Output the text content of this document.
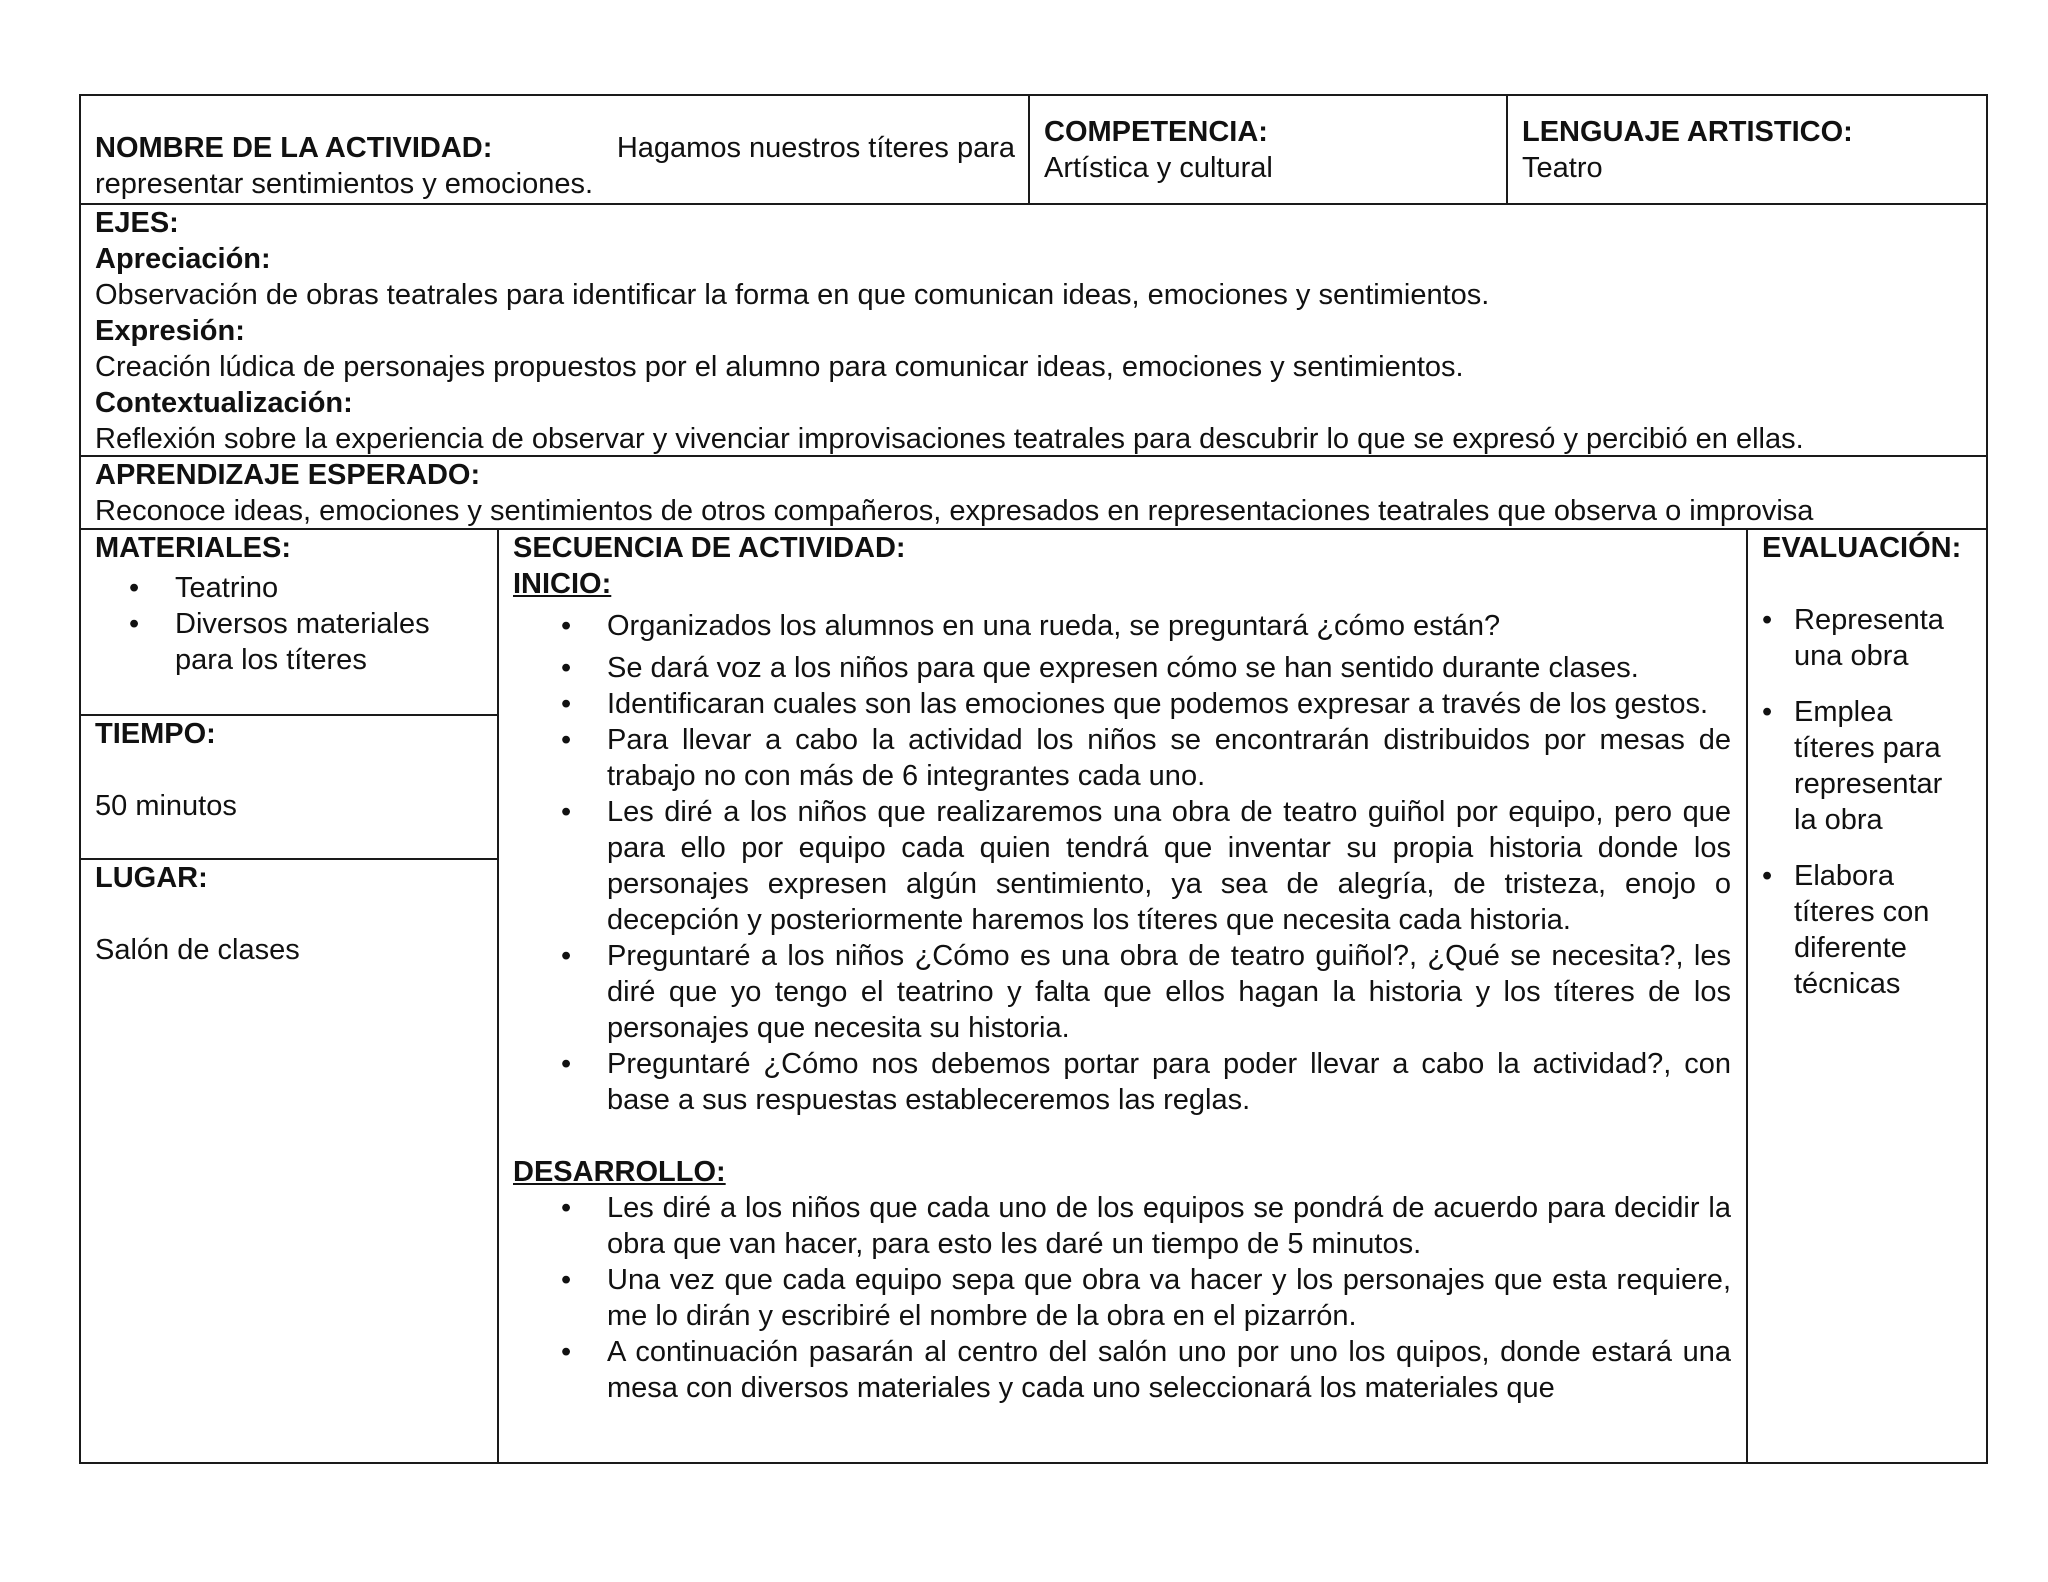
NOMBRE DE LA ACTIVIDAD:	Hagamos nuestros títeres para
representar sentimientos y emociones.
COMPETENCIA:
Artística y cultural
LENGUAJE ARTISTICO:
Teatro
EJES:
Apreciación:
Observación de obras teatrales para identificar la forma en que comunican ideas, emociones y sentimientos.
Expresión:
Creación lúdica de personajes propuestos por el alumno para comunicar ideas, emociones y sentimientos.
Contextualización:
Reflexión sobre la experiencia de observar y vivenciar improvisaciones teatrales para descubrir lo que se expresó y percibió en ellas.
APRENDIZAJE ESPERADO:
Reconoce ideas, emociones y sentimientos de otros compañeros, expresados en representaciones teatrales que observa o improvisa
MATERIALES:
• Teatrino
• Diversos materiales
para los títeres
TIEMPO:
50 minutos
LUGAR:
Salón de clases
SECUENCIA DE ACTIVIDAD:
INICIO:
• Organizados los alumnos en una rueda, se preguntará ¿cómo están?
• Se dará voz a los niños para que expresen cómo se han sentido durante clases.
• Identificaran cuales son las emociones que podemos expresar a través de los gestos.
• Para llevar a cabo la actividad los niños se encontrarán distribuidos por mesas de trabajo no con más de 6 integrantes cada uno.
• Les diré a los niños que realizaremos una obra de teatro guiñol por equipo, pero que para ello por equipo cada quien tendrá que inventar su propia historia donde los personajes expresen algún sentimiento, ya sea de alegría, de tristeza, enojo o decepción y posteriormente haremos los títeres que necesita cada historia.
• Preguntaré a los niños ¿Cómo es una obra de teatro guiñol?, ¿Qué se necesita?, les diré que yo tengo el teatrino y falta que ellos hagan la historia y los títeres de los personajes que necesita su historia.
• Preguntaré ¿Cómo nos debemos portar para poder llevar a cabo la actividad?, con base a sus respuestas estableceremos las reglas.
DESARROLLO:
• Les diré a los niños que cada uno de los equipos se pondrá de acuerdo para decidir la obra que van hacer, para esto les daré un tiempo de 5 minutos.
• Una vez que cada equipo sepa que obra va hacer y los personajes que esta requiere, me lo dirán y escribiré el nombre de la obra en el pizarrón.
• A continuación pasarán al centro del salón uno por uno los quipos, donde estará una mesa con diversos materiales y cada uno seleccionará los materiales que
EVALUACIÓN:
• Representa
una obra
• Emplea
títeres para
representar
la obra
• Elabora
títeres con
diferente
técnicas
